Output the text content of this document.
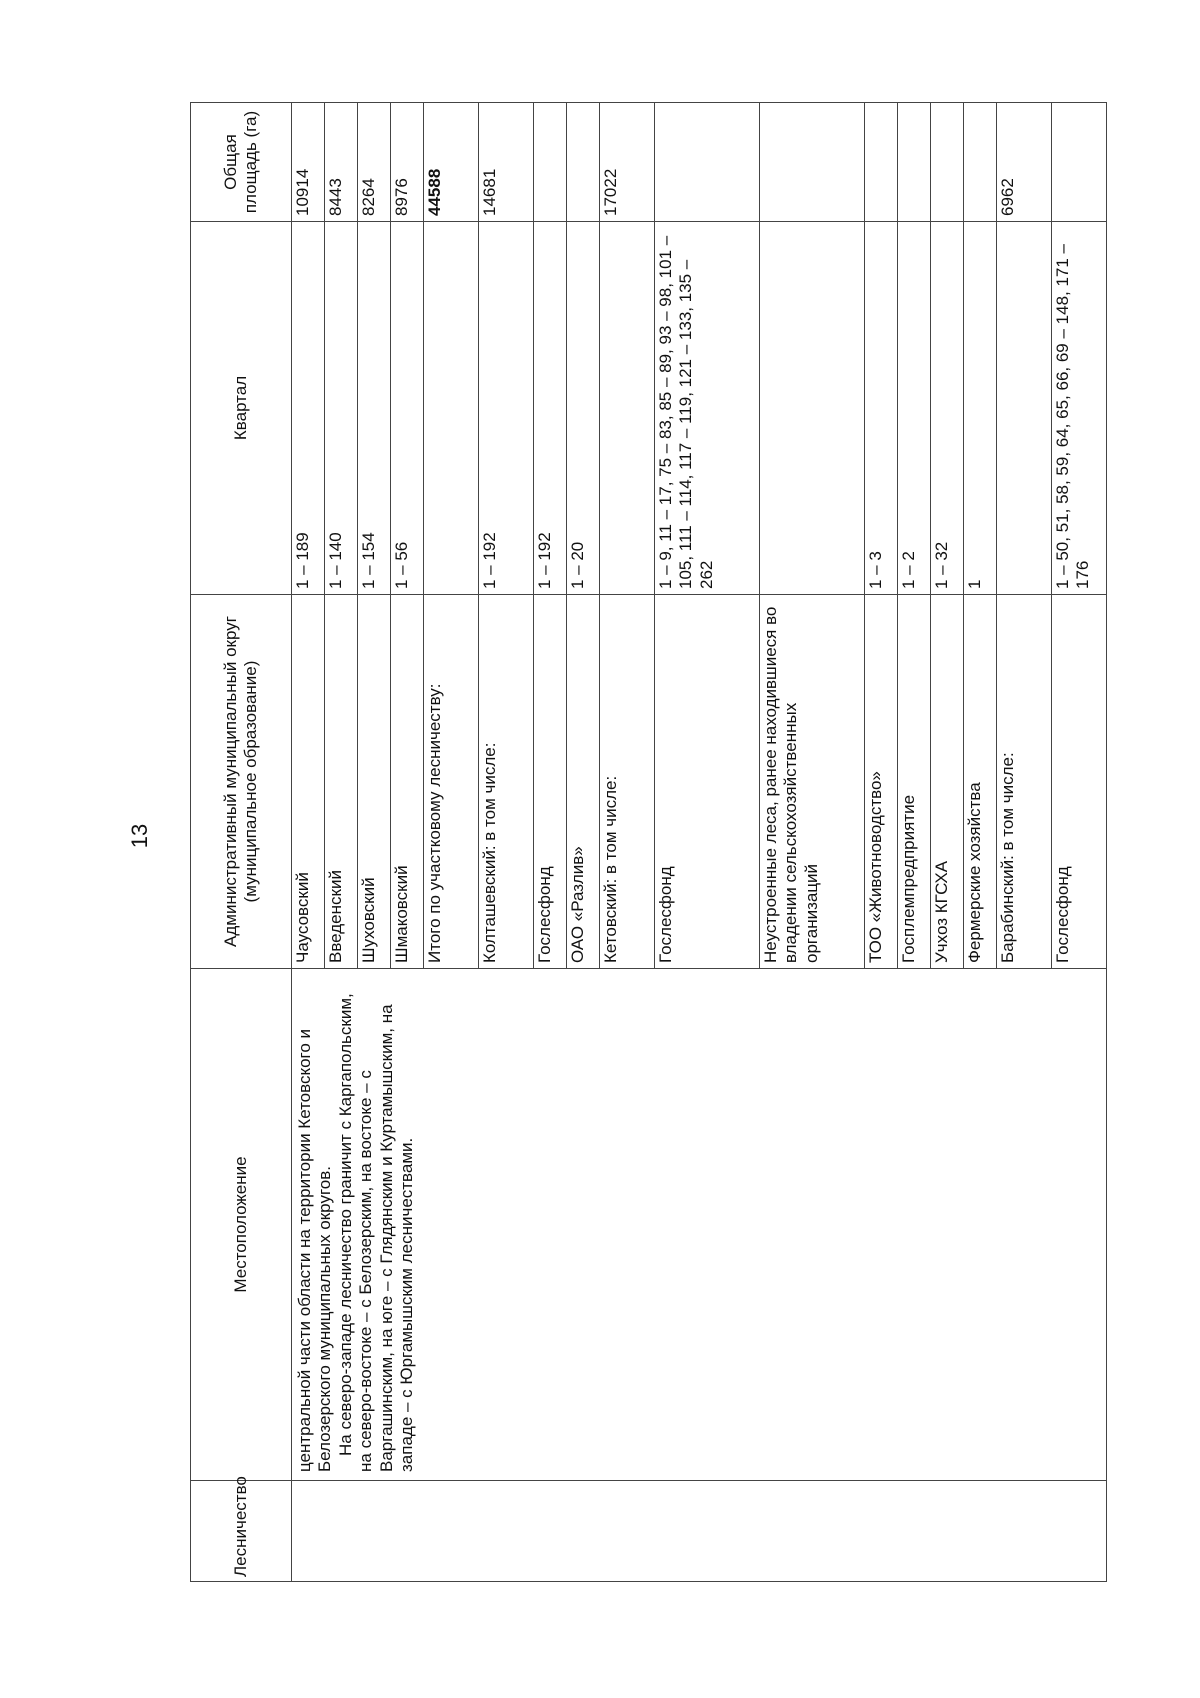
13
Лесничество	Местоположение	Административный муниципальный округ (муниципальное образование)	Квартал	Общая площадь (га)

	центральной части области на территории Кетовского и Белозерского муниципальных округов. На северо-западе лесничество граничит с Каргапольским, на северо-востоке – с Белозерским, на востоке – с Варгашинским, на юге – с Глядянским и Куртамышским, на западе – с Юргамышским лесничествами.	Чаусовский	1 – 189	10914
		Введенский	1 – 140	8443
		Шуховский	1 – 154	8264
		Шмаковский	1 – 56	8976
		Итого по участковому лесничеству:		44588
		Колташевский: в том числе:	1 – 192	14681
		Гослесфонд	1 – 192	
		ОАО «Разлив»	1 – 20	
		Кетовский: в том числе:		17022
		Гослесфонд	1 – 9, 11 – 17, 75 – 83, 85 – 89, 93 – 98, 101 – 105, 111 – 114, 117 – 119, 121 – 133, 135 – 262	
		Неустроенные леса, ранее находившиеся во владении сельскохозяйственных организаций		
		ТОО «Животноводство»	1 – 3	
		Госплемпредприятие	1 – 2	
		Учхоз КГСХА	1 – 32	
		Фермерские хозяйства	1	
		Барабинский: в том числе:		6962
		Гослесфонд	1 – 50, 51, 58, 59, 64, 65, 66, 69 – 148, 171 – 176	
